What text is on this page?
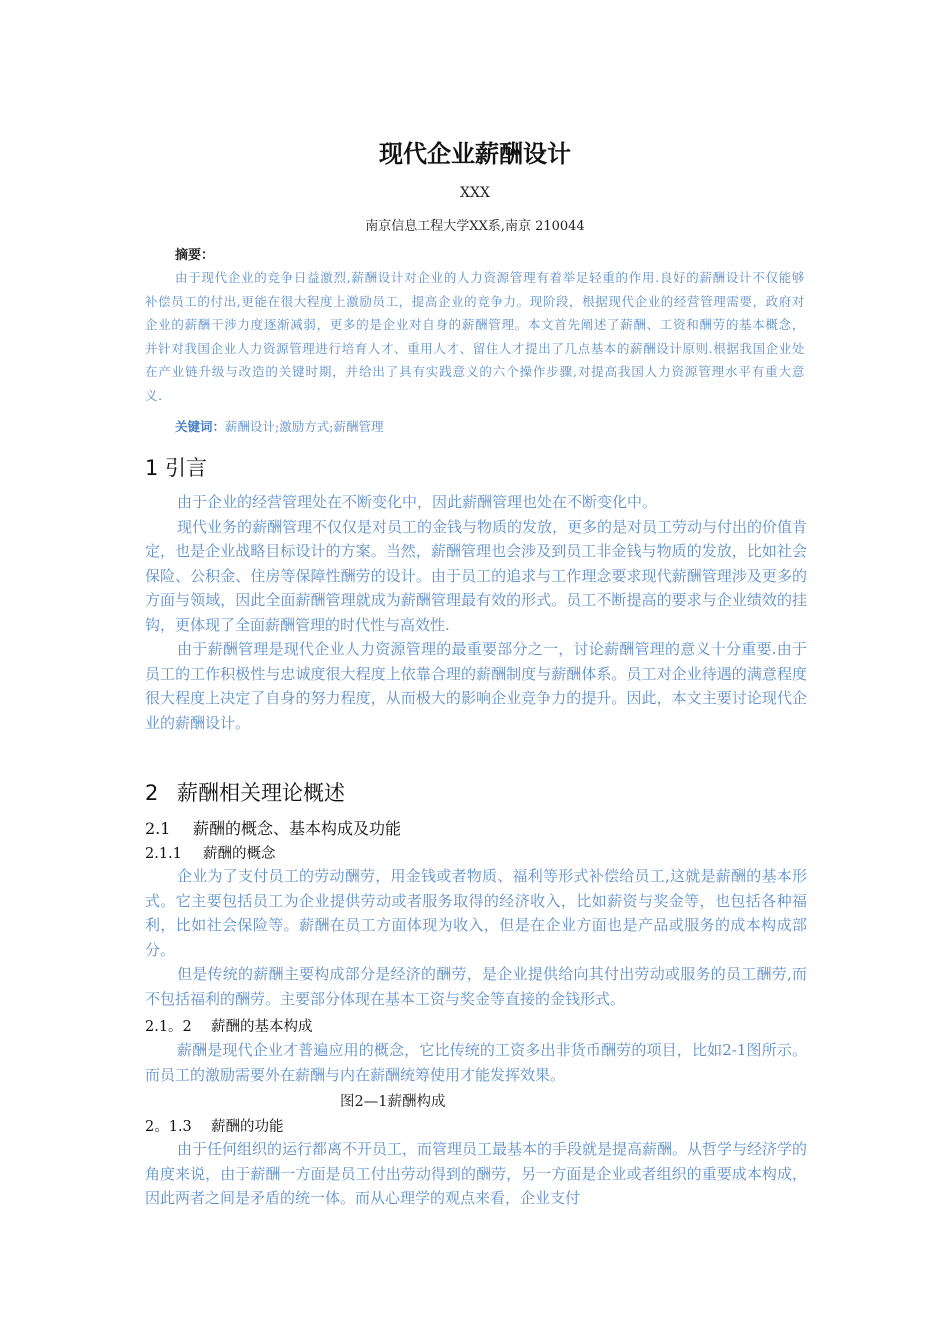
现代企业薪酬设计
XXX
南京信息工程大学XX系,南京 210044
摘要：

由于现代企业的竞争日益激烈,薪酬设计对企业的人力资源管理有着举足轻重的作用.良好的薪酬设计不仅能够补偿员工的付出,更能在很大程度上激励员工，提高企业的竞争力。现阶段，根据现代企业的经营管理需要，政府对企业的薪酬干涉力度逐渐减弱，更多的是企业对自身的薪酬管理。本文首先阐述了薪酬、工资和酬劳的基本概念，并针对我国企业人力资源管理进行培育人才、重用人才、留住人才提出了几点基本的薪酬设计原则.根据我国企业处在产业链升级与改造的关键时期，并给出了具有实践意义的六个操作步骤,对提高我国人力资源管理水平有重大意义.

关键词：薪酬设计;激励方式;薪酬管理
1 引言

由于企业的经营管理处在不断变化中，因此薪酬管理也处在不断变化中。

现代业务的薪酬管理不仅仅是对员工的金钱与物质的发放，更多的是对员工劳动与付出的价值肯定，也是企业战略目标设计的方案。当然，薪酬管理也会涉及到员工非金钱与物质的发放，比如社会保险、公积金、住房等保障性酬劳的设计。由于员工的追求与工作理念要求现代薪酬管理涉及更多的方面与领域，因此全面薪酬管理就成为薪酬管理最有效的形式。员工不断提高的要求与企业绩效的挂钩，更体现了全面薪酬管理的时代性与高效性.

由于薪酬管理是现代企业人力资源管理的最重要部分之一，讨论薪酬管理的意义十分重要.由于员工的工作积极性与忠诚度很大程度上依靠合理的薪酬制度与薪酬体系。员工对企业待遇的满意程度很大程度上决定了自身的努力程度，从而极大的影响企业竞争力的提升。因此，本文主要讨论现代企业的薪酬设计。

2 薪酬相关理论概述
2.1 薪酬的概念、基本构成及功能
2.1.1 薪酬的概念

企业为了支付员工的劳动酬劳，用金钱或者物质、福利等形式补偿给员工,这就是薪酬的基本形式。它主要包括员工为企业提供劳动或者服务取得的经济收入，比如薪资与奖金等，也包括各种福利，比如社会保险等。薪酬在员工方面体现为收入，但是在企业方面也是产品或服务的成本构成部分。

但是传统的薪酬主要构成部分是经济的酬劳，是企业提供给向其付出劳动或服务的员工酬劳,而不包括福利的酬劳。主要部分体现在基本工资与奖金等直接的金钱形式。

2.1。2 薪酬的基本构成

薪酬是现代企业才普遍应用的概念，它比传统的工资多出非货币酬劳的项目，比如2-1图所示。而员工的激励需要外在薪酬与内在薪酬统筹使用才能发挥效果。

图2—1薪酬构成
2。1.3 薪酬的功能

由于任何组织的运行都离不开员工，而管理员工最基本的手段就是提高薪酬。从哲学与经济学的角度来说，由于薪酬一方面是员工付出劳动得到的酬劳，另一方面是企业或者组织的重要成本构成，因此两者之间是矛盾的统一体。而从心理学的观点来看，企业支付
